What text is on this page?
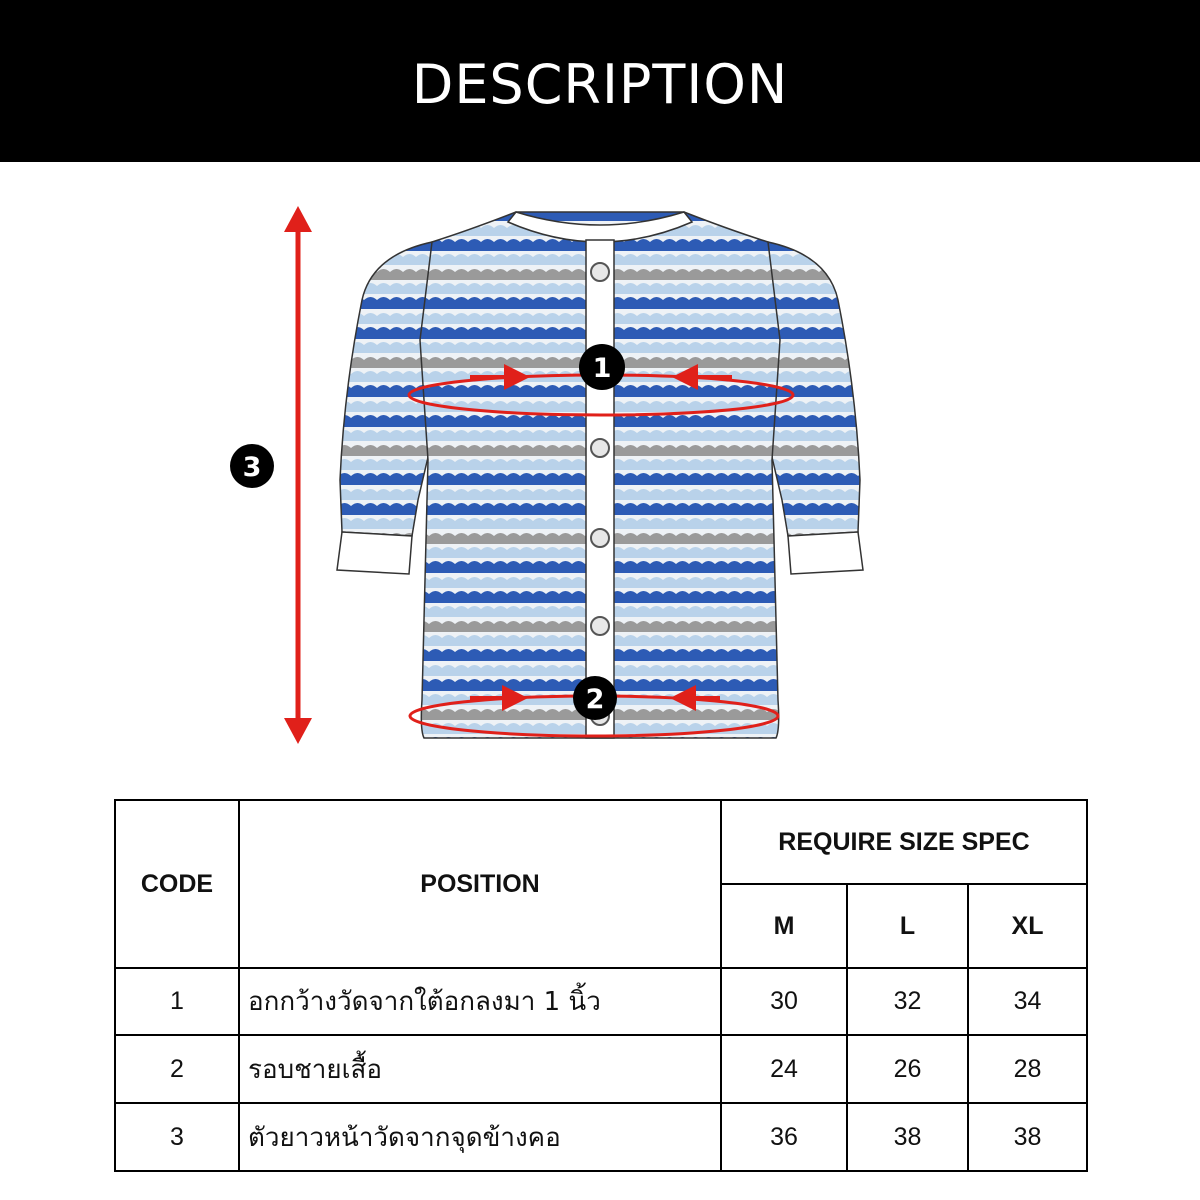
DESCRIPTION
1
2
3
CODE	POSITION	REQUIRE SIZE SPEC		
		M	L	XL
1	อกกว้างวัดจากใต้อกลงมา 1 นิ้ว	30	32	34
2	รอบชายเสื้อ	24	26	28
3	ตัวยาวหน้าวัดจากจุดข้างคอ	36	38	38
